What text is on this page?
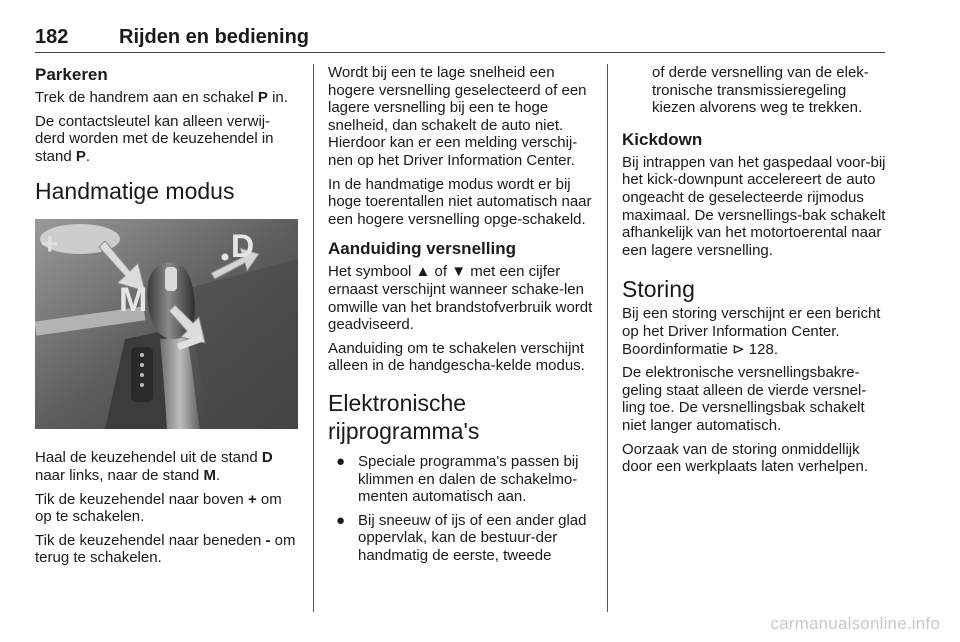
182	Rijden en bediening
Parkeren

Trek de handrem aan en schakel P in.

De contactsleutel kan alleen verwij-derd worden met de keuzehendel in stand P.

Handmatige modus
+	D
M

Haal de keuzehendel uit de stand D naar links, naar de stand M.

Tik de keuzehendel naar boven + om op te schakelen.

Tik de keuzehendel naar beneden - om terug te schakelen.

Wordt bij een te lage snelheid een hogere versnelling geselecteerd of een lagere versnelling bij een te hoge snelheid, dan schakelt de auto niet. Hierdoor kan er een melding verschij-nen op het Driver Information Center.

In de handmatige modus wordt er bij hoge toerentallen niet automatisch naar een hogere versnelling opge-schakeld.

Aanduiding versnelling

Het symbool ▲ of ▼ met een cijfer ernaast verschijnt wanneer schake-len omwille van het brandstofverbruik wordt geadviseerd.

Aanduiding om te schakelen verschijnt alleen in de handgescha-kelde modus.

Elektronische
rijprogramma's
● Speciale programma's passen bij klimmen en dalen de schakelmo-menten automatisch aan.
● Bij sneeuw of ijs of een ander glad oppervlak, kan de bestuur-der handmatig de eerste, tweede

of derde versnelling van de elek-tronische transmissieregeling kiezen alvorens weg te trekken.

Kickdown

Bij intrappen van het gaspedaal voor-bij het kick-downpunt accelereert de auto ongeacht de geselecteerde rijmodus maximaal. De versnellings-bak schakelt afhankelijk van het motortoerental naar een lagere versnelling.

Storing

Bij een storing verschijnt er een bericht op het Driver Information Center. Boordinformatie ⊳ 128.

De elektronische versnellingsbakre-geling staat alleen de vierde versnel-ling toe. De versnellingsbak schakelt niet langer automatisch.

Oorzaak van de storing onmiddellijk door een werkplaats laten verhelpen.

carmanualsonline.info
